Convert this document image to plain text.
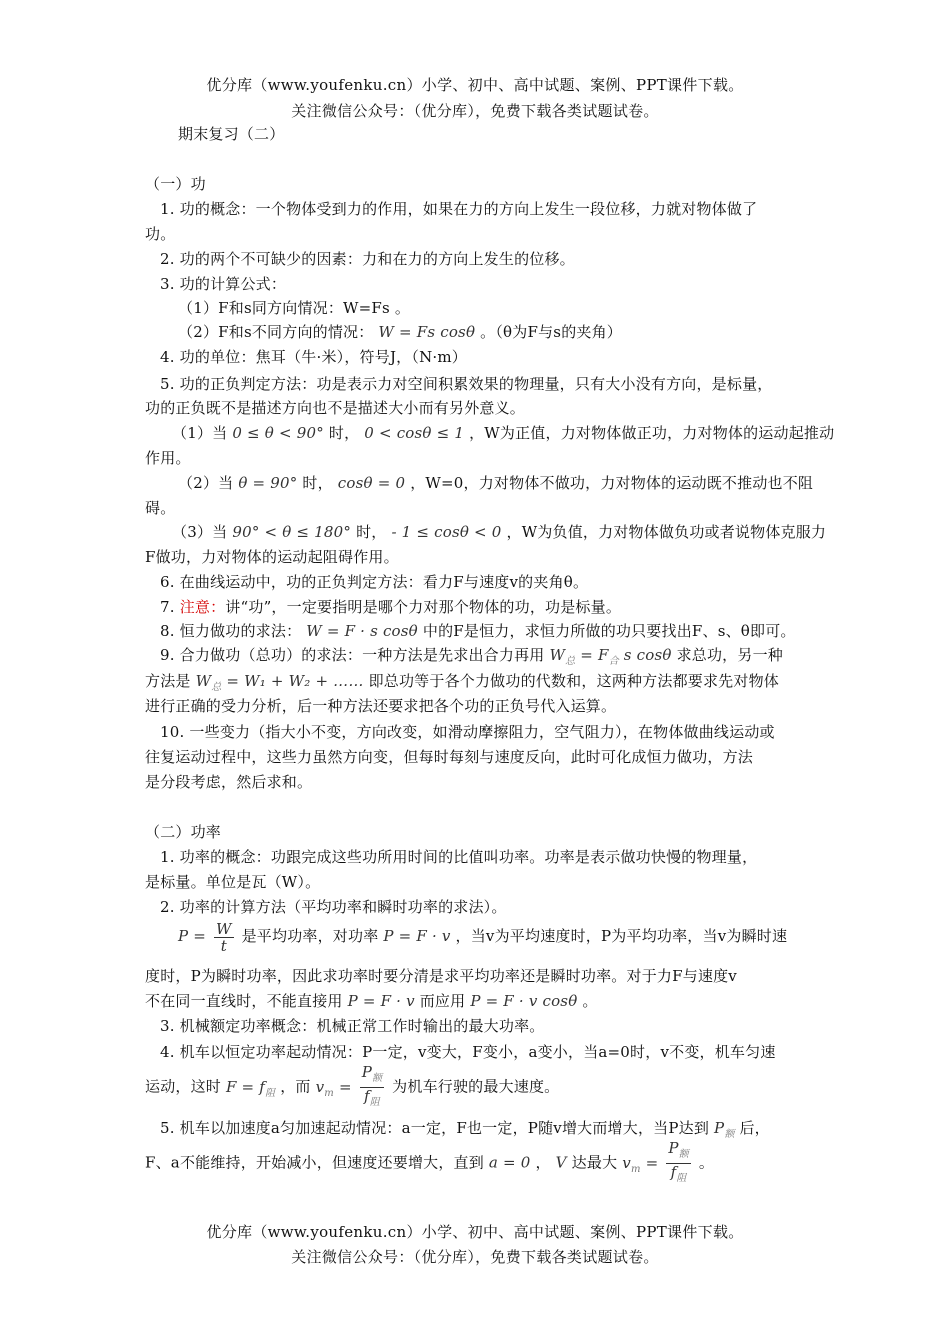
优分库（www.youfenku.cn）小学、初中、高中试题、案例、PPT课件下载。
关注微信公众号：（优分库），免费下载各类试题试卷。
期末复习（二）
（一）功
1. 功的概念：一个物体受到力的作用，如果在力的方向上发生一段位移，力就对物体做了
功。
2. 功的两个不可缺少的因素：力和在力的方向上发生的位移。
3. 功的计算公式：
（1）F和s同方向情况：W=Fs 。
（2）F和s不同方向的情况： W = Fs cosθ 。（θ为F与s的夹角）
4. 功的单位：焦耳（牛·米），符号J，（N·m）
5. 功的正负判定方法：功是表示力对空间积累效果的物理量，只有大小没有方向，是标量，
功的正负既不是描述方向也不是描述大小而有另外意义。
（1）当 0 ≤ θ < 90° 时， 0 < cosθ ≤ 1 ，W为正值，力对物体做正功，力对物体的运动起推动
作用。
（2）当 θ = 90° 时， cosθ = 0 ，W=0，力对物体不做功，力对物体的运动既不推动也不阻
碍。
（3）当 90° < θ ≤ 180° 时， - 1 ≤ cosθ < 0 ，W为负值，力对物体做负功或者说物体克服力
F做功，力对物体的运动起阻碍作用。
6. 在曲线运动中，功的正负判定方法：看力F与速度v的夹角θ。
7. 注意：讲“功”，一定要指明是哪个力对那个物体的功，功是标量。
8. 恒力做功的求法： W = F · s cosθ 中的F是恒力，求恒力所做的功只要找出F、s、θ即可。
9. 合力做功（总功）的求法：一种方法是先求出合力再用 $W_总 = F_合$ s cosθ 求总功，另一种
方法是 $W_总 = W_1 + W_2$ + …… 即总功等于各个力做功的代数和，这两种方法都要求先对物体
进行正确的受力分析，后一种方法还要求把各个功的正负号代入运算。
10. 一些变力（指大小不变，方向改变，如滑动摩擦阻力，空气阻力），在物体做曲线运动或
往复运动过程中，这些力虽然方向变，但每时每刻与速度反向，此时可化成恒力做功，方法
是分段考虑，然后求和。
（二）功率
1. 功率的概念：功跟完成这些功所用时间的比值叫功率。功率是表示做功快慢的物理量，
是标量。单位是瓦（W）。
2. 功率的计算方法（平均功率和瞬时功率的求法）。
$P = \frac{W}{t}$ 是平均功率，对功率 P = F · v ，当v为平均速度时，P为平均功率，当v为瞬时速
度时，P为瞬时功率，因此求功率时要分清是求平均功率还是瞬时功率。对于力F与速度v
不在同一直线时，不能直接用 P = F · v 而应用 P = F · v cosθ 。
3. 机械额定功率概念：机械正常工作时输出的最大功率。
4. 机车以恒定功率起动情况：P一定，v变大，F变小，a变小，当a=0时，v不变，机车匀速
运动，这时 $F = f_阻$ ，而 $v_m = \frac{P_额}{f_阻}$ 为机车行驶的最大速度。
5. 机车以加速度a匀加速起动情况：a一定，F也一定，P随v增大而增大，当P达到 $P_额$ 后，
F、a不能维持，开始减小，但速度还要增大，直到 a = 0 ， V 达最大 $v_m = \frac{P_额}{f_阻}$ 。
优分库（www.youfenku.cn）小学、初中、高中试题、案例、PPT课件下载。
关注微信公众号：（优分库），免费下载各类试题试卷。
